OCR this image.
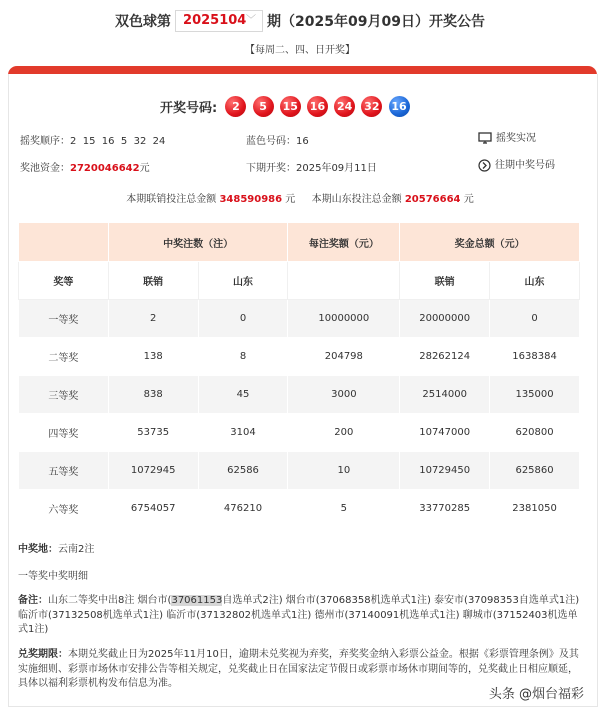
双色球第 2025104 ﹀ 期（2025年09月09日）开奖公告
【每周二、四、日开奖】
开奖号码: 2 5 15 16 24 32 16
摇奖顺序：2  15  16  5  32  24	蓝色号码：16	摇奖实况
奖池资金：2720046642元	下期开奖：2025年09月11日	往期中奖号码
本期联销投注总金额 348590986 元 本期山东投注总金额 20576664 元
	中奖注数（注）		每注奖额（元）	奖金总额（元）	
奖等	联销	山东		联销	山东
一等奖	2	0	10000000	20000000	0
二等奖	138	8	204798	28262124	1638384
三等奖	838	45	3000	2514000	135000
四等奖	53735	3104	200	10747000	620800
五等奖	1072945	62586	10	10729450	625860
六等奖	6754057	476210	5	33770285	2381050
中奖地：云南2注
一等奖中奖明细
备注：山东二等奖中出8注 烟台市(37061153自选单式2注) 烟台市(37068358机选单式1注) 泰安市(37098353自选单式1注) 临沂市(37132508机选单式1注) 临沂市(37132802机选单式1注) 德州市(37140091机选单式1注) 聊城市(37152403机选单式1注)
兑奖期限：本期兑奖截止日为2025年11月10日，逾期未兑奖视为弃奖，弃奖奖金纳入彩票公益金。根据《彩票管理条例》及其实施细则、彩票市场休市安排公告等相关规定，兑奖截止日在国家法定节假日或彩票市场休市期间等的，兑奖截止日相应顺延，具体以福利彩票机构发布信息为准。
头条 @烟台福彩
